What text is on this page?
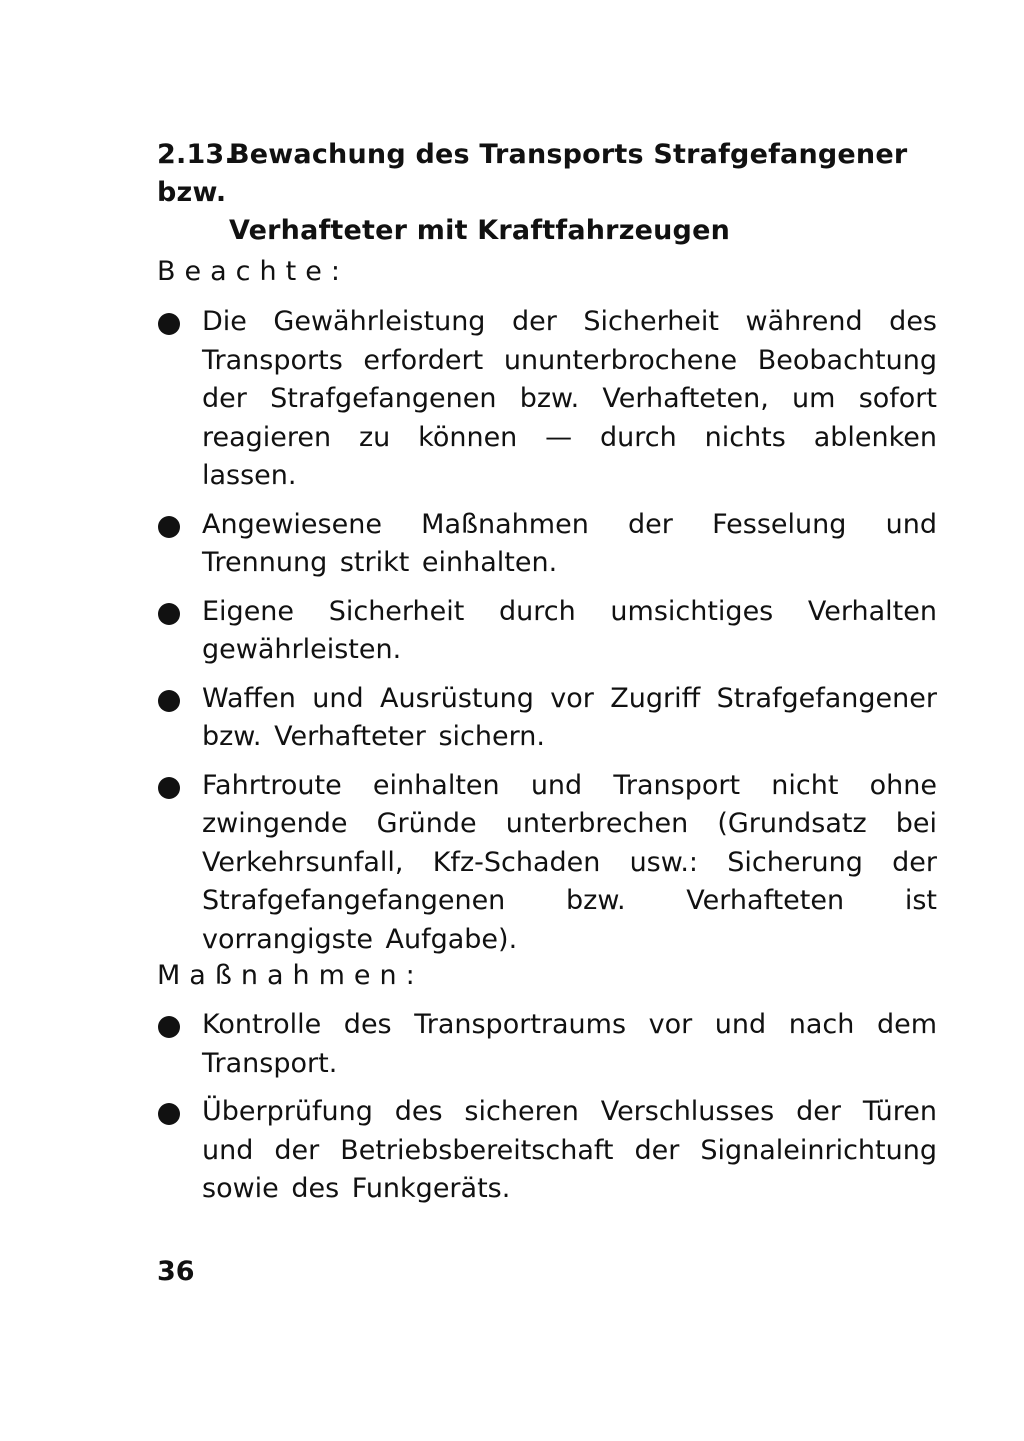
2.13.Bewachung des Transports Strafgefangener bzw.
Verhafteter mit Kraftfahrzeugen
Beachte:
Die Gewährleistung der Sicherheit während des Transports erfordert ununterbrochene Beobachtung der Strafgefangenen bzw. Verhafteten, um sofort reagieren zu können — durch nichts ablenken lassen.
Angewiesene Maßnahmen der Fesselung und Trennung strikt einhalten.
Eigene Sicherheit durch umsichtiges Verhalten gewährleisten.
Waffen und Ausrüstung vor Zugriff Strafgefangener bzw. Verhafteter sichern.
Fahrtroute einhalten und Transport nicht ohne zwingende Gründe unterbrechen (Grundsatz bei Verkehrsunfall, Kfz-Schaden usw.: Sicherung der Strafgefangefangenen bzw. Verhafteten ist vorrangigste Aufgabe).
Maßnahmen:
Kontrolle des Transportraums vor und nach dem Transport.
Überprüfung des sicheren Verschlusses der Türen und der Betriebsbereitschaft der Signaleinrichtung sowie des Funkgeräts.
36
